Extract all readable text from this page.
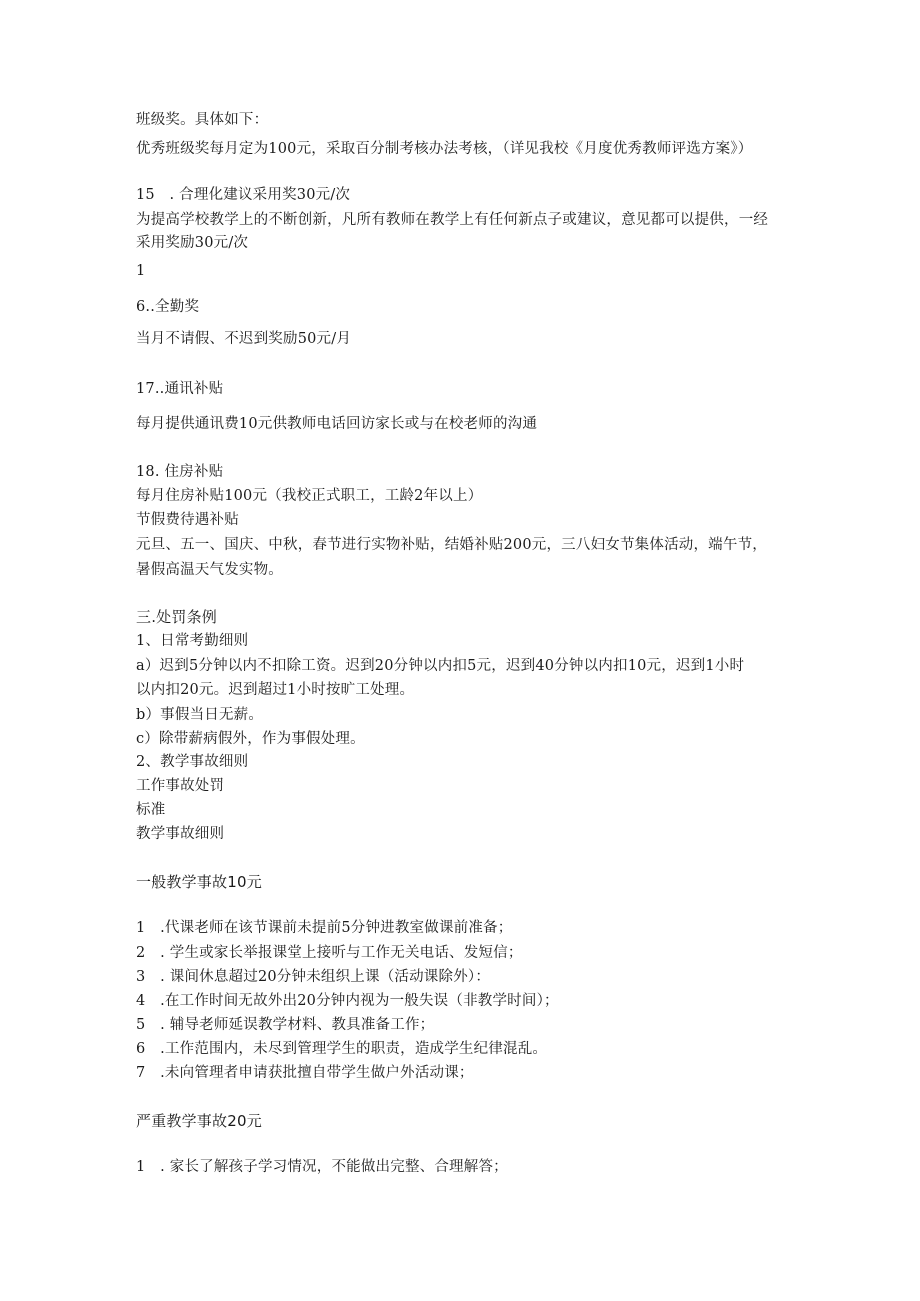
班级奖。具体如下：
优秀班级奖每月定为100元，采取百分制考核办法考核，（详见我校《月度优秀教师评选方案》）
15　. 合理化建议采用奖30元/次
为提高学校教学上的不断创新，凡所有教师在教学上有任何新点子或建议，意见都可以提供，一经
采用奖励30元/次
1
6..全勤奖
当月不请假、不迟到奖励50元/月
17..通讯补贴
每月提供通讯费10元供教师电话回访家长或与在校老师的沟通
18. 住房补贴
每月住房补贴100元（我校正式职工，工龄2年以上）
节假费待遇补贴
元旦、五一、国庆、中秋，春节进行实物补贴，结婚补贴200元，三八妇女节集体活动，端午节，
暑假高温天气发实物。
三.处罚条例
1、日常考勤细则
a）迟到5分钟以内不扣除工资。迟到20分钟以内扣5元，迟到40分钟以内扣10元，迟到1小时
以内扣20元。迟到超过1小时按旷工处理。
b）事假当日无薪。
c）除带薪病假外，作为事假处理。
2、教学事故细则
工作事故处罚
标准
教学事故细则
一般教学事故10元
1　.代课老师在该节课前未提前5分钟进教室做课前准备；
2　. 学生或家长举报课堂上接听与工作无关电话、发短信；
3　. 课间休息超过20分钟未组织上课（活动课除外）：
4　.在工作时间无故外出20分钟内视为一般失误（非教学时间）；
5　. 辅导老师延误教学材料、教具准备工作；
6　.工作范围内，未尽到管理学生的职责，造成学生纪律混乱。
7　.未向管理者申请获批擅自带学生做户外活动课；
严重教学事故20元
1　. 家长了解孩子学习情况，不能做出完整、合理解答；
